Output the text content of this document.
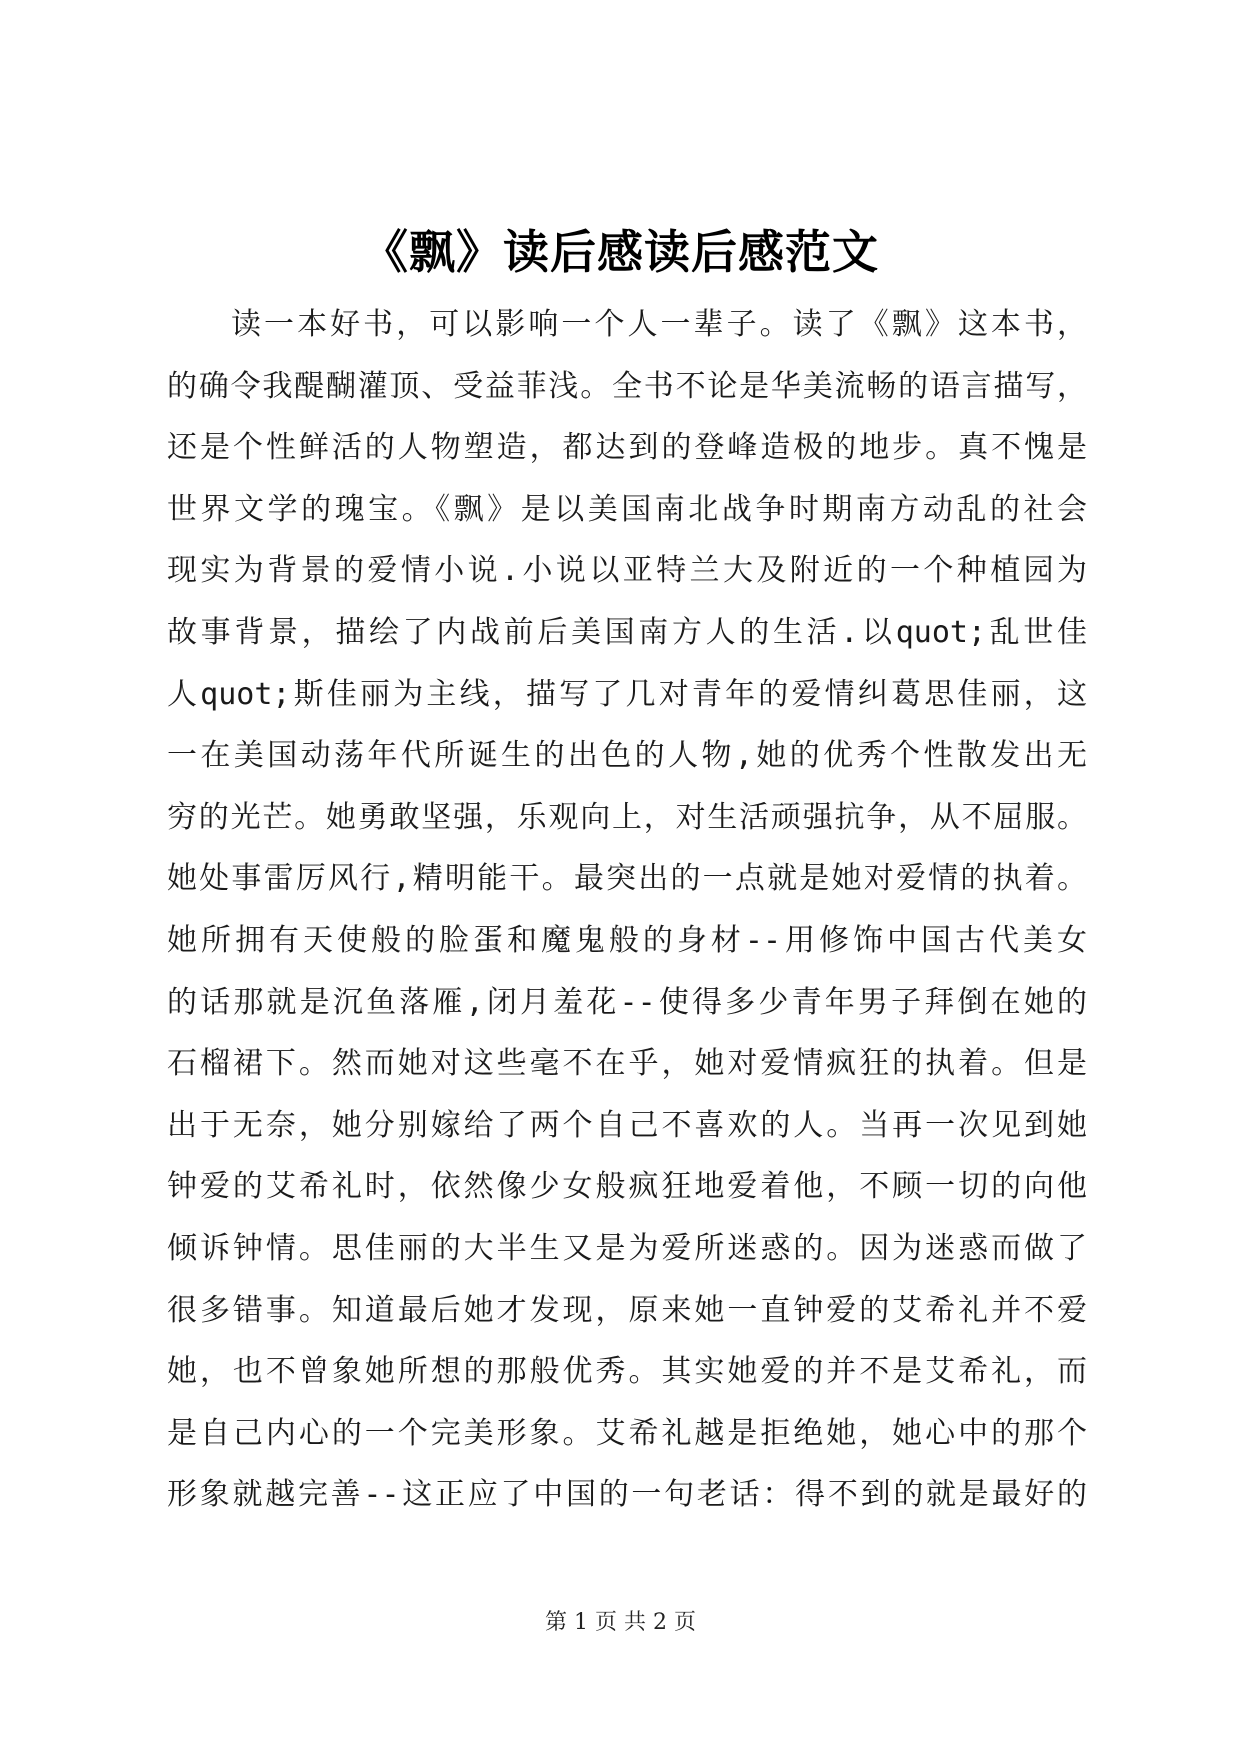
《飘》读后感读后感范文
读一本好书，可以影响一个人一辈子。读了《飘》这本书，
的确令我醍醐灌顶、受益菲浅。全书不论是华美流畅的语言描写，
还是个性鲜活的人物塑造，都达到的登峰造极的地步。真不愧是
世界文学的瑰宝。《飘》是以美国南北战争时期南方动乱的社会
现实为背景的爱情小说.小说以亚特兰大及附近的一个种植园为
故事背景，描绘了内战前后美国南方人的生活.以quot;乱世佳
人quot;斯佳丽为主线，描写了几对青年的爱情纠葛思佳丽，这
一在美国动荡年代所诞生的出色的人物,她的优秀个性散发出无
穷的光芒。她勇敢坚强，乐观向上，对生活顽强抗争，从不屈服。
她处事雷厉风行,精明能干。最突出的一点就是她对爱情的执着。
她所拥有天使般的脸蛋和魔鬼般的身材--用修饰中国古代美女
的话那就是沉鱼落雁,闭月羞花--使得多少青年男子拜倒在她的
石榴裙下。然而她对这些毫不在乎，她对爱情疯狂的执着。但是
出于无奈，她分别嫁给了两个自己不喜欢的人。当再一次见到她
钟爱的艾希礼时，依然像少女般疯狂地爱着他，不顾一切的向他
倾诉钟情。思佳丽的大半生又是为爱所迷惑的。因为迷惑而做了
很多错事。知道最后她才发现，原来她一直钟爱的艾希礼并不爱
她，也不曾象她所想的那般优秀。其实她爱的并不是艾希礼，而
是自己内心的一个完美形象。艾希礼越是拒绝她，她心中的那个
形象就越完善--这正应了中国的一句老话：得不到的就是最好的
第 1 页 共 2 页
